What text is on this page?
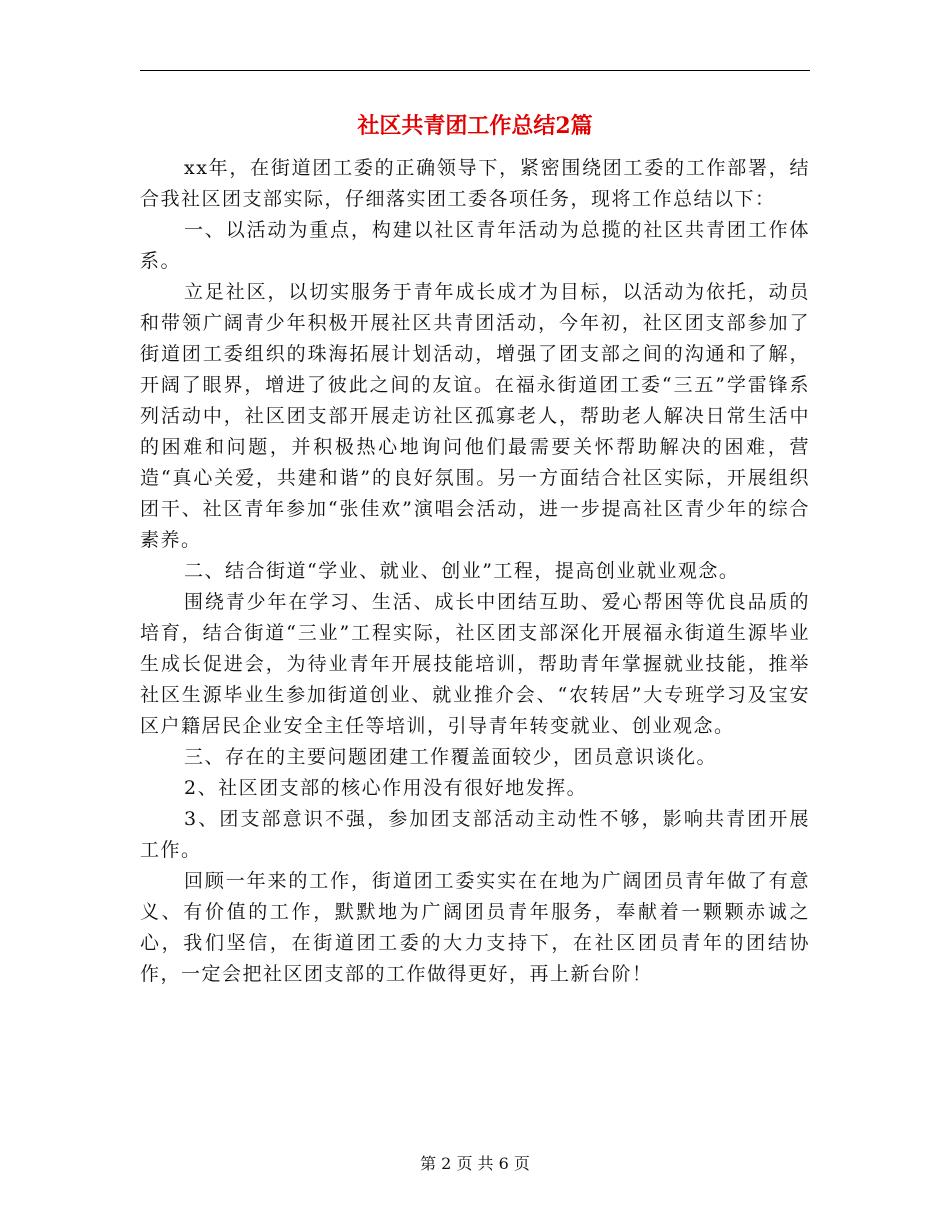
社区共青团工作总结2篇

xx年，在街道团工委的正确领导下，紧密围绕团工委的工作部署，结合我社区团支部实际，仔细落实团工委各项任务，现将工作总结以下：

一、以活动为重点，构建以社区青年活动为总揽的社区共青团工作体系。

立足社区，以切实服务于青年成长成才为目标，以活动为依托，动员和带领广阔青少年积极开展社区共青团活动，今年初，社区团支部参加了街道团工委组织的珠海拓展计划活动，增强了团支部之间的沟通和了解，开阔了眼界，增进了彼此之间的友谊。在福永街道团工委“三五”学雷锋系列活动中，社区团支部开展走访社区孤寡老人，帮助老人解决日常生活中的困难和问题，并积极热心地询问他们最需要关怀帮助解决的困难，营造“真心关爱，共建和谐”的良好氛围。另一方面结合社区实际，开展组织团干、社区青年参加“张佳欢”演唱会活动，进一步提高社区青少年的综合素养。

二、结合街道“学业、就业、创业”工程，提高创业就业观念。

围绕青少年在学习、生活、成长中团结互助、爱心帮困等优良品质的培育，结合街道“三业”工程实际，社区团支部深化开展福永街道生源毕业生成长促进会，为待业青年开展技能培训，帮助青年掌握就业技能，推举社区生源毕业生参加街道创业、就业推介会、“农转居”大专班学习及宝安区户籍居民企业安全主任等培训，引导青年转变就业、创业观念。

三、存在的主要问题团建工作覆盖面较少，团员意识谈化。

2、社区团支部的核心作用没有很好地发挥。

3、团支部意识不强，参加团支部活动主动性不够，影响共青团开展工作。

回顾一年来的工作，街道团工委实实在在地为广阔团员青年做了有意义、有价值的工作，默默地为广阔团员青年服务，奉献着一颗颗赤诚之心，我们坚信，在街道团工委的大力支持下，在社区团员青年的团结协作，一定会把社区团支部的工作做得更好，再上新台阶！

第 2 页 共 6 页
